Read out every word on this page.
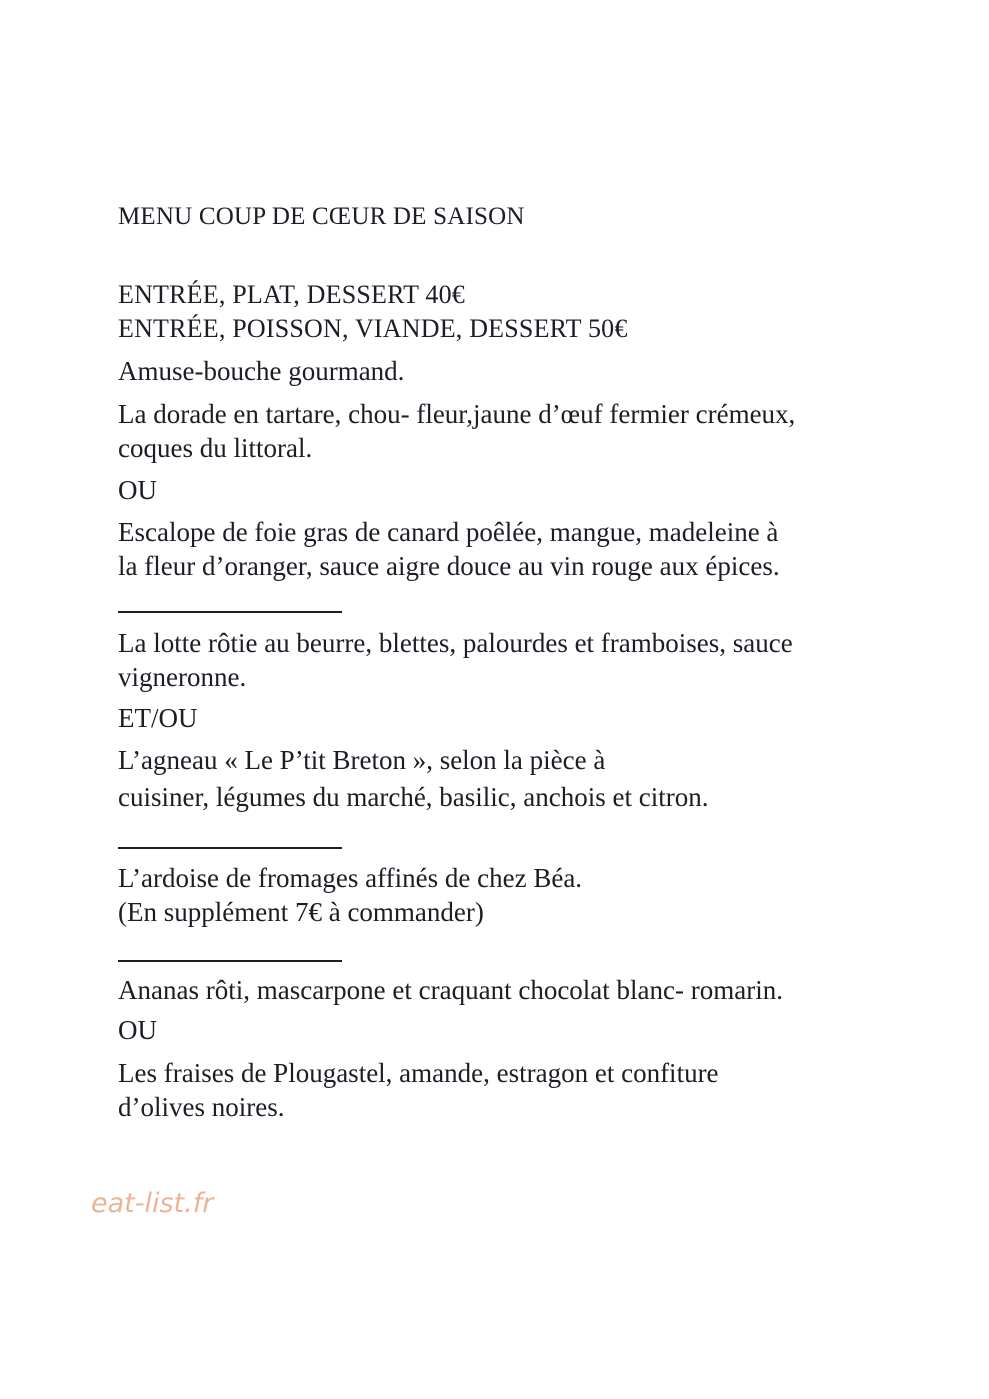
MENU COUP DE CŒUR DE SAISON
ENTRÉE, PLAT, DESSERT 40€
ENTRÉE, POISSON, VIANDE, DESSERT 50€
Amuse-bouche gourmand.
La dorade en tartare, chou- fleur,jaune d’œuf fermier crémeux,
coques du littoral.
OU
Escalope de foie gras de canard poêlée, mangue, madeleine à
la fleur d’oranger, sauce aigre douce au vin rouge aux épices.
La lotte rôtie au beurre, blettes, palourdes et framboises, sauce
vigneronne.
ET/OU
L’agneau « Le P’tit Breton », selon la pièce à
cuisiner, légumes du marché, basilic, anchois et citron.
L’ardoise de fromages affinés de chez Béa.
(En supplément 7€ à commander)
Ananas rôti, mascarpone et craquant chocolat blanc- romarin.
OU
Les fraises de Plougastel, amande, estragon et confiture
d’olives noires.
eat-list.fr
